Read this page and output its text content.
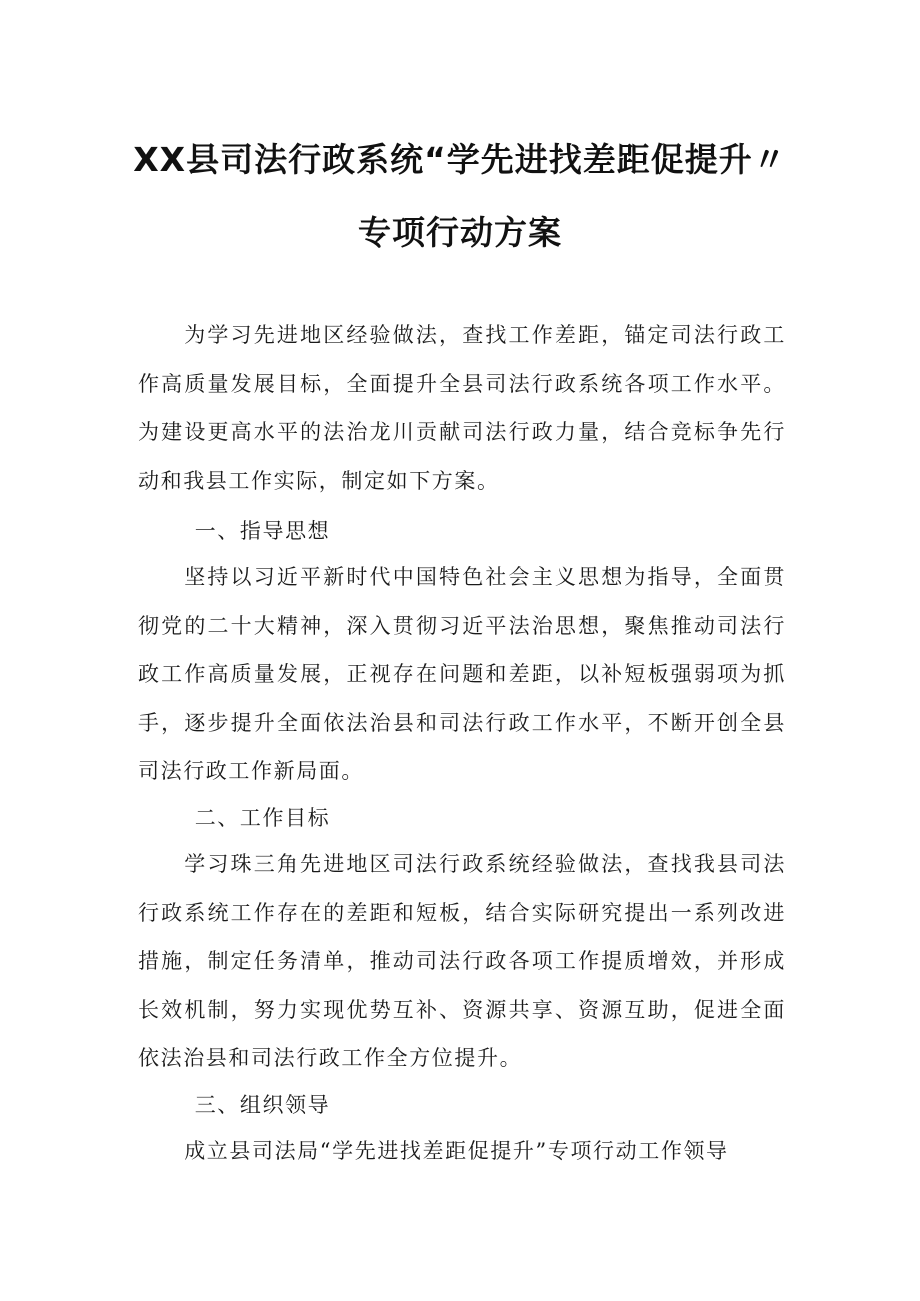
XX县司法行政系统“学先进找差距促提升〃
专项行动方案

为学习先进地区经验做法，查找工作差距，锚定司法行政工作高质量发展目标，全面提升全县司法行政系统各项工作水平。为建设更高水平的法治龙川贡献司法行政力量，结合竞标争先行动和我县工作实际，制定如下方案。

一、指导思想

坚持以习近平新时代中国特色社会主义思想为指导，全面贯彻党的二十大精神，深入贯彻习近平法治思想，聚焦推动司法行政工作高质量发展，正视存在问题和差距，以补短板强弱项为抓手，逐步提升全面依法治县和司法行政工作水平，不断开创全县司法行政工作新局面。

二、工作目标

学习珠三角先进地区司法行政系统经验做法，查找我县司法行政系统工作存在的差距和短板，结合实际研究提出一系列改进措施，制定任务清单，推动司法行政各项工作提质增效，并形成长效机制，努力实现优势互补、资源共享、资源互助，促进全面依法治县和司法行政工作全方位提升。

三、组织领导

成立县司法局“学先进找差距促提升”专项行动工作领导
